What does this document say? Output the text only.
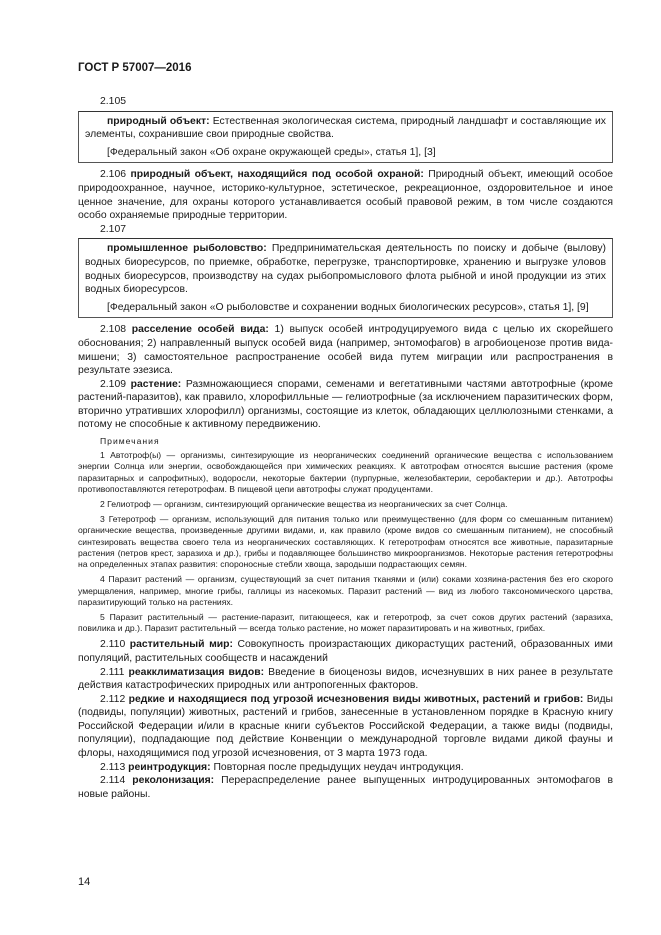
ГОСТ Р 57007—2016

2.105

природный объект: Естественная экологическая система, природный ландшафт и составляющие их элементы, сохранившие свои природные свойства.

[Федеральный закон «Об охране окружающей среды», статья 1], [3]

2.106 природный объект, находящийся под особой охраной: Природный объект, имеющий особое природоохранное, научное, историко-культурное, эстетическое, рекреационное, оздоровительное и иное ценное значение, для охраны которого устанавливается особый правовой режим, в том числе создаются особо охраняемые природные территории.

2.107

промышленное рыболовство: Предпринимательская деятельность по поиску и добыче (вылову) водных биоресурсов, по приемке, обработке, перегрузке, транспортировке, хранению и выгрузке уловов водных биоресурсов, производству на судах рыбопромыслового флота рыбной и иной продукции из этих водных биоресурсов.

[Федеральный закон «О рыболовстве и сохранении водных биологических ресурсов», статья 1], [9]

2.108 расселение особей вида: 1) выпуск особей интродуцируемого вида с целью их скорейшего обоснования; 2) направленный выпуск особей вида (например, энтомофагов) в агробиоценозе против вида-мишени; 3) самостоятельное распространение особей вида путем миграции или распространения в результате эзезиса.

2.109 растение: Размножающиеся спорами, семенами и вегетативными частями автотрофные (кроме растений-паразитов), как правило, хлорофилльные — гелиотрофные (за исключением паразитических форм, вторично утративших хлорофилл) организмы, состоящие из клеток, обладающих целлюлозными стенками, а потому не способные к активному передвижению.

Примечания

1 Автотроф(ы) — организмы, синтезирующие из неорганических соединений органические вещества с использованием энергии Солнца или энергии, освобождающейся при химических реакциях. К автотрофам относятся высшие растения (кроме паразитарных и сапрофитных), водоросли, некоторые бактерии (пурпурные, железобактерии, серобактерии и др.). Автотрофы противопоставляются гетеротрофам. В пищевой цепи автотрофы служат продуцентами.

2 Гелиотроф — организм, синтезирующий органические вещества из неорганических за счет Солнца.

3 Гетеротроф — организм, использующий для питания только или преимущественно (для форм со смешанным питанием) органические вещества, произведенные другими видами, и, как правило (кроме видов со смешанным питанием), не способный синтезировать вещества своего тела из неорганических составляющих. К гетеротрофам относятся все животные, паразитарные растения (петров крест, заразиха и др.), грибы и подавляющее большинство микроорганизмов. Некоторые растения гетеротрофны на определенных этапах развития: спороносные стебли хвоща, зародыши подрастающих семян.

4 Паразит растений — организм, существующий за счет питания тканями и (или) соками хозяина-растения без его скорого умерщвления, например, многие грибы, галлицы из насекомых. Паразит растений — вид из любого таксономического царства, паразитирующий только на растениях.

5 Паразит растительный — растение-паразит, питающееся, как и гетеротроф, за счет соков других растений (заразиха, повилика и др.). Паразит растительный — всегда только растение, но может паразитировать и на животных, грибах.

2.110 растительный мир: Совокупность произрастающих дикорастущих растений, образованных ими популяций, растительных сообществ и насаждений

2.111 реакклиматизация видов: Введение в биоценозы видов, исчезнувших в них ранее в результате действия катастрофических природных или антропогенных факторов.

2.112 редкие и находящиеся под угрозой исчезновения виды животных, растений и грибов: Виды (подвиды, популяции) животных, растений и грибов, занесенные в установленном порядке в Красную книгу Российской Федерации и/или в красные книги субъектов Российской Федерации, а также виды (подвиды, популяции), подпадающие под действие Конвенции о международной торговле видами дикой фауны и флоры, находящимися под угрозой исчезновения, от 3 марта 1973 года.

2.113 реинтродукция: Повторная после предыдущих неудач интродукция.

2.114 реколонизация: Перераспределение ранее выпущенных интродуцированных энтомофагов в новые районы.

14
